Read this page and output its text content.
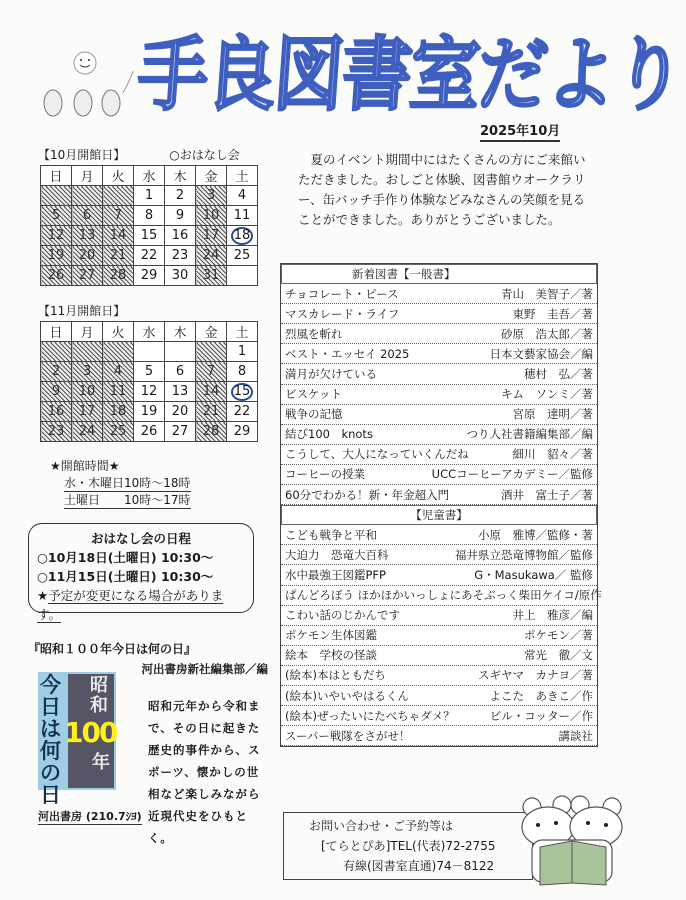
手良図書室だより
2025年10月
【10月開館日】	○おはなし会
日	月	火	水	木	金	土
			1	2	3	4
5	6	7	8	9	10	11
12	13	14	15	16	17	18
19	20	21	22	23	24	25
26	27	28	29	30	31	
【11月開館日】
日	月	火	水	木	金	土
						1
2	3	4	5	6	7	8
9	10	11	12	13	14	15
16	17	18	19	20	21	22
23	24	25	26	27	28	29
★開館時間★
水・木曜日10時～18時
土曜日　　10時～17時
おはなし会の日程
○10月18日(土曜日) 10:30～
○11月15日(土曜日) 10:30～
★予定が変更になる場合があります。
『昭和１００年今日は何の日』
河出書房新社編集部／編
今日は何の日
昭和
100
年
昭和元年から令和まで、その日に起きた歴史的事件から、スポーツ、懐かしの世相など楽しみながら近現代史をひもとく。
河出書房 (210.7ｼﾖ)
夏のイベント期間中にはたくさんの方にご来館いただきました。おしごと体験、図書館ウオークラリー、缶バッチ手作り体験などみなさんの笑顔を見ることができました。ありがとうございました。
新着図書【一般書】
チョコレート・ピース	青山　美智子／著
マスカレード・ライフ	東野　圭吾／著
烈風を斬れ	砂原　浩太郎／著
ベスト・エッセイ 2025	日本文藝家協会／編
満月が欠けている	穂村　弘／著
ビスケット	キム　ソンミ／著
戦争の記憶	宮原　達明／著
結び100　knots	つり人社書籍編集部／編
こうして、大人になっていくんだね	細川　貂々／著
コーヒーの授業	UCCコーヒーアカデミー／監修
60分でわかる！新・年金超入門	酒井　富士子／著
【児童書】
こども戦争と平和	小原　雅博／監修・著
大迫力　恐竜大百科	福井県立恐竜博物館／監修
水中最強王図鑑PFP	G・Masukawa／ 監修
ぱんどろぼう ほかほかいっしょにあそぶっく 柴田ケイコ/原作
こわい話のじかんです	井上　雅彦／編
ポケモン生体図鑑	ポケモン／著
絵本　学校の怪談	常光　徹／文
(絵本)本はともだち	スギヤマ　カナヨ／著
(絵本)いやいやはるくん	よこた　あきこ／作
(絵本)ぜったいにたべちゃダメ？	ビル・コッター／作
スーパー戦隊をさがせ！	講談社
お問い合わせ・ご予約等は
[てらとぴあ]TEL(代表)72-2755
有線(図書室直通)74－8122
